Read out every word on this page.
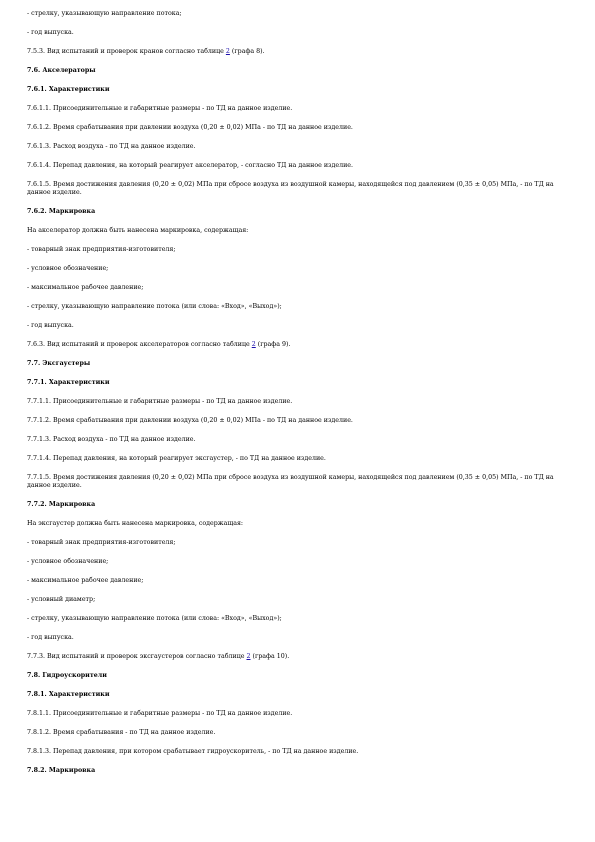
- стрелку, указывающую направление потока;

- год выпуска.

7.5.3. Вид испытаний и проверок кранов согласно таблице 2 (графа 8).

7.6. Акселераторы

7.6.1. Характеристики

7.6.1.1. Присоединительные и габаритные размеры - по ТД на данное изделие.

7.6.1.2. Время срабатывания при давлении воздуха (0,20 ± 0,02) МПа - по ТД на данное изделие.

7.6.1.3. Расход воздуха - по ТД на данное изделие.

7.6.1.4. Перепад давления, на который реагирует акселератор, - согласно ТД на данное изделие.

7.6.1.5. Время достижения давления (0,20 ± 0,02) МПа при сбросе воздуха из воздушной камеры, находящейся под давлением (0,35 ± 0,05) МПа, - по ТД на данное изделие.

7.6.2. Маркировка

На акселератор должна быть нанесена маркировка, содержащая:

- товарный знак предприятия-изготовителя;

- условное обозначение;

- максимальное рабочее давление;

- стрелку, указывающую направление потока (или слова: «Вход», «Выход»);

- год выпуска.

7.6.3. Вид испытаний и проверок акселераторов согласно таблице 2 (графа 9).

7.7. Эксгаустеры

7.7.1. Характеристики

7.7.1.1. Присоединительные и габаритные размеры - по ТД на данное изделие.

7.7.1.2. Время срабатывания при давлении воздуха (0,20 ± 0,02) МПа - по ТД на данное изделие.

7.7.1.3. Расход воздуха - по ТД на данное изделие.

7.7.1.4. Перепад давления, на который реагирует эксгаустер, - по ТД на данное изделие.

7.7.1.5. Время достижения давления (0,20 ± 0,02) МПа при сбросе воздуха из воздушной камеры, находящейся под давлением (0,35 ± 0,05) МПа, - по ТД на данное изделие.

7.7.2. Маркировка

На эксгаустер должна быть нанесена маркировка, содержащая:

- товарный знак предприятия-изготовителя;

- условное обозначение;

- максимальное рабочее давление;

- условный диаметр;

- стрелку, указывающую направление потока (или слова: «Вход», «Выход»);

- год выпуска.

7.7.3. Вид испытаний и проверок эксгаустеров согласно таблице 2 (графа 10).

7.8. Гидроускорители

7.8.1. Характеристики

7.8.1.1. Присоединительные и габаритные размеры - по ТД на данное изделие.

7.8.1.2. Время срабатывания - по ТД на данное изделие.

7.8.1.3. Перепад давления, при котором срабатывает гидроускоритель, - по ТД на данное изделие.

7.8.2. Маркировка
